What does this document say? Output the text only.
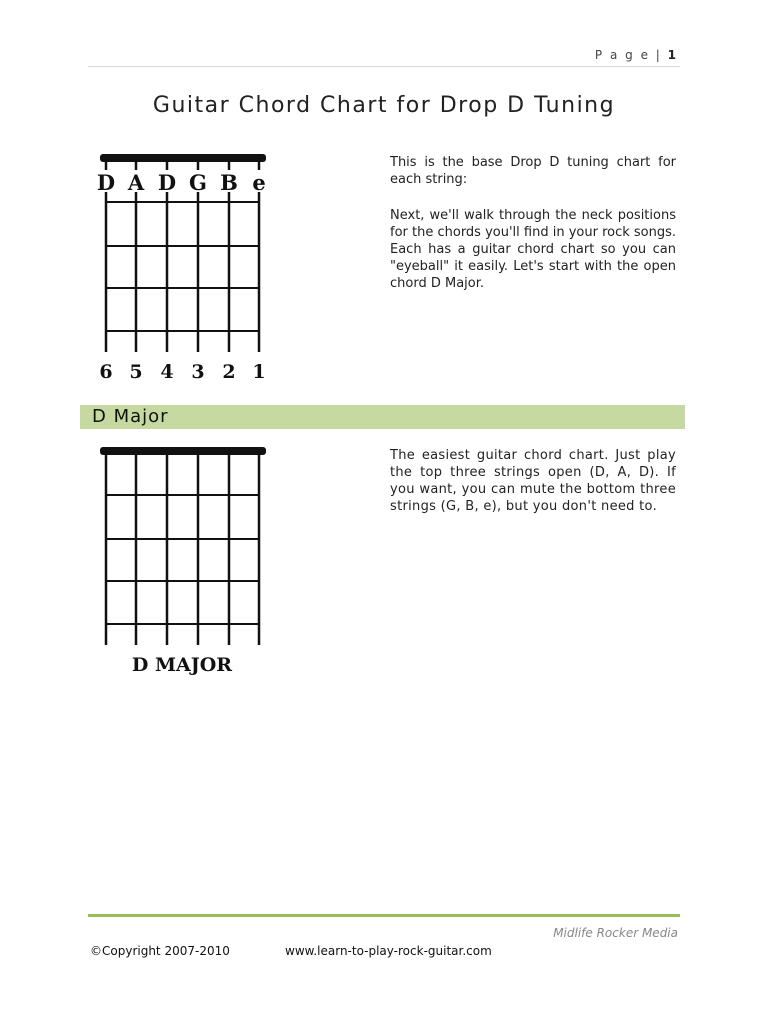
P a g e | 1
Guitar Chord Chart for Drop D Tuning
D A D G B e
6 5 4 3 2 1
This is the base Drop D tuning chart for each string:
Next, we'll walk through the neck positions for the chords you'll find in your rock songs. Each has a guitar chord chart so you can "eyeball" it easily. Let's start with the open chord D Major.
D Major
D MAJOR
The easiest guitar chord chart. Just play the top three strings open (D, A, D). If you want, you can mute the bottom three strings (G, B, e), but you don't need to.
Midlife Rocker Media
©Copyright 2007-2010	www.learn-to-play-rock-guitar.com
